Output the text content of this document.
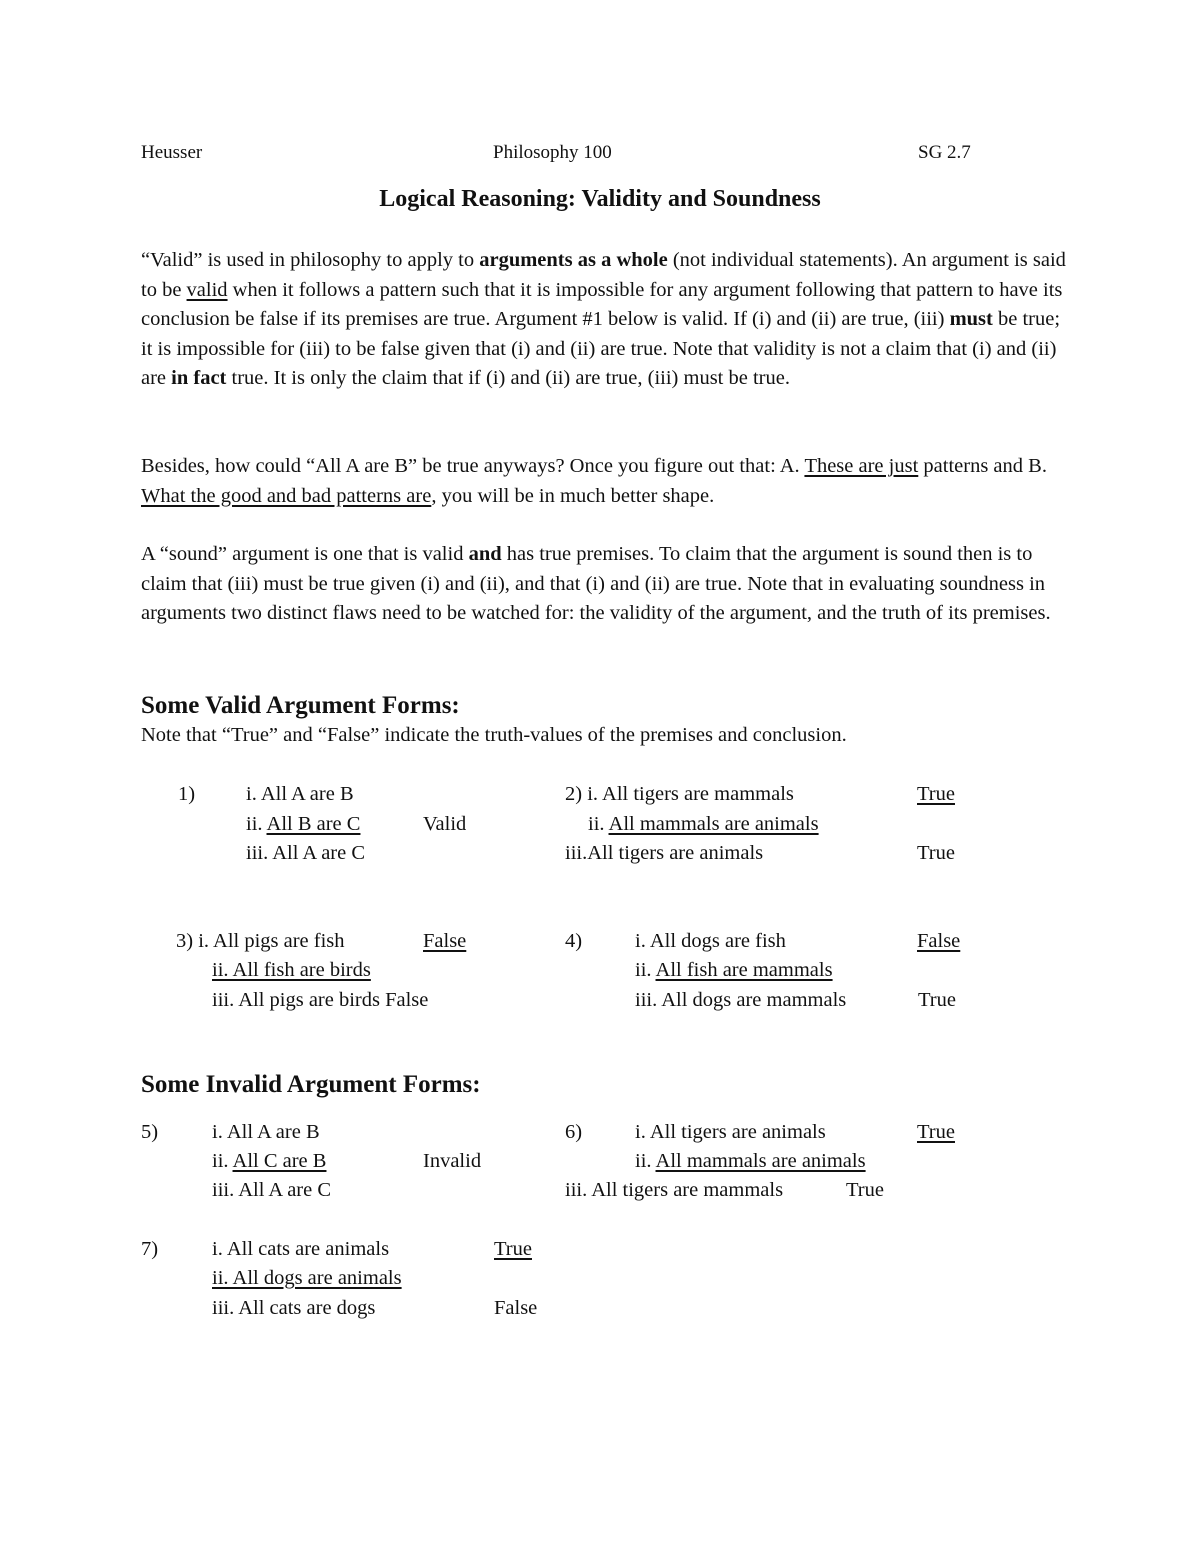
Heusser	Philosophy 100	SG 2.7
Logical Reasoning: Validity and Soundness

“Valid” is used in philosophy to apply to arguments as a whole (not individual statements). An argument is said to be valid when it follows a pattern such that it is impossible for any argument following that pattern to have its conclusion be false if its premises are true. Argument #1 below is valid. If (i) and (ii) are true, (iii) must be true; it is impossible for (iii) to be false given that (i) and (ii) are true. Note that validity is not a claim that (i) and (ii) are in fact true. It is only the claim that if (i) and (ii) are true, (iii) must be true.

Besides, how could “All A are B” be true anyways? Once you figure out that: A. These are just patterns and B. What the good and bad patterns are, you will be in much better shape.

A “sound” argument is one that is valid and has true premises. To claim that the argument is sound then is to claim that (iii) must be true given (i) and (ii), and that (i) and (ii) are true. Note that in evaluating soundness in arguments two distinct flaws need to be watched for: the validity of the argument, and the truth of its premises.

Some Valid Argument Forms:
Note that “True” and “False” indicate the truth-values of the premises and conclusion.
1) i. All A are B
ii. All B are C	Valid
iii. All A are C
2) i. All tigers are mammals	True
ii. All mammals are animals
iii.All tigers are animals	True
3) i. All pigs are fish	False
ii. All fish are birds
iii. All pigs are birds False
4)	i. All dogs are fish	False
ii. All fish are mammals
iii. All dogs are mammals	True
Some Invalid Argument Forms:
5)	i. All A are B
ii. All C are B	Invalid
iii. All A are C
6)	i. All tigers are animals	True
ii. All mammals are animals
iii. All tigers are mammals	True
7)	i. All cats are animals	True
ii. All dogs are animals
iii. All cats are dogs	False
